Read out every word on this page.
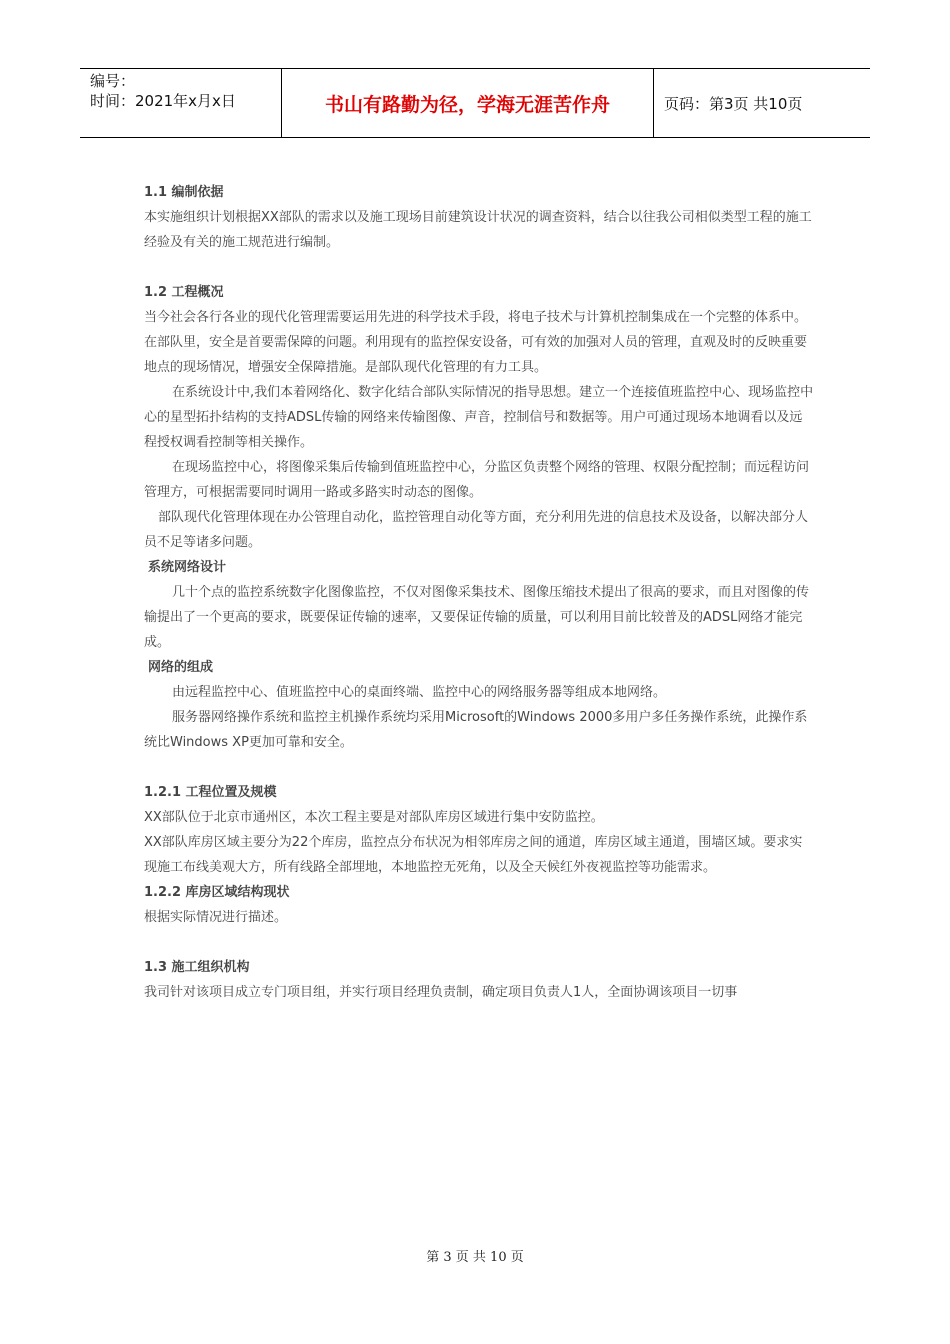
编号：
时间：2021年x月x日	书山有路勤为径，学海无涯苦作舟	页码：第3页 共10页
1.1 编制依据

本实施组织计划根据XX部队的需求以及施工现场目前建筑设计状况的调查资料，结合以往我公司相似类型工程的施工经验及有关的施工规范进行编制。

1.2 工程概况

当今社会各行各业的现代化管理需要运用先进的科学技术手段，将电子技术与计算机控制集成在一个完整的体系中。在部队里，安全是首要需保障的问题。利用现有的监控保安设备，可有效的加强对人员的管理，直观及时的反映重要地点的现场情况，增强安全保障措施。是部队现代化管理的有力工具。

在系统设计中,我们本着网络化、数字化结合部队实际情况的指导思想。建立一个连接值班监控中心、现场监控中心的星型拓扑结构的支持ADSL传输的网络来传输图像、声音，控制信号和数据等。用户可通过现场本地调看以及远程授权调看控制等相关操作。

在现场监控中心，将图像采集后传输到值班监控中心，分监区负责整个网络的管理、权限分配控制；而远程访问管理方，可根据需要同时调用一路或多路实时动态的图像。

部队现代化管理体现在办公管理自动化，监控管理自动化等方面，充分利用先进的信息技术及设备，以解决部分人员不足等诸多问题。

系统网络设计

几十个点的监控系统数字化图像监控，不仅对图像采集技术、图像压缩技术提出了很高的要求，而且对图像的传输提出了一个更高的要求，既要保证传输的速率，又要保证传输的质量，可以利用目前比较普及的ADSL网络才能完成。

网络的组成

由远程监控中心、值班监控中心的桌面终端、监控中心的网络服务器等组成本地网络。

服务器网络操作系统和监控主机操作系统均采用Microsoft的Windows 2000多用户多任务操作系统，此操作系统比Windows XP更加可靠和安全。

1.2.1 工程位置及规模

XX部队位于北京市通州区，本次工程主要是对部队库房区域进行集中安防监控。

XX部队库房区域主要分为22个库房，监控点分布状况为相邻库房之间的通道，库房区域主通道，围墙区域。要求实现施工布线美观大方，所有线路全部埋地，本地监控无死角，以及全天候红外夜视监控等功能需求。

1.2.2 库房区域结构现状

根据实际情况进行描述。

1.3 施工组织机构

我司针对该项目成立专门项目组，并实行项目经理负责制，确定项目负责人1人，全面协调该项目一切事

第 3 页 共 10 页
